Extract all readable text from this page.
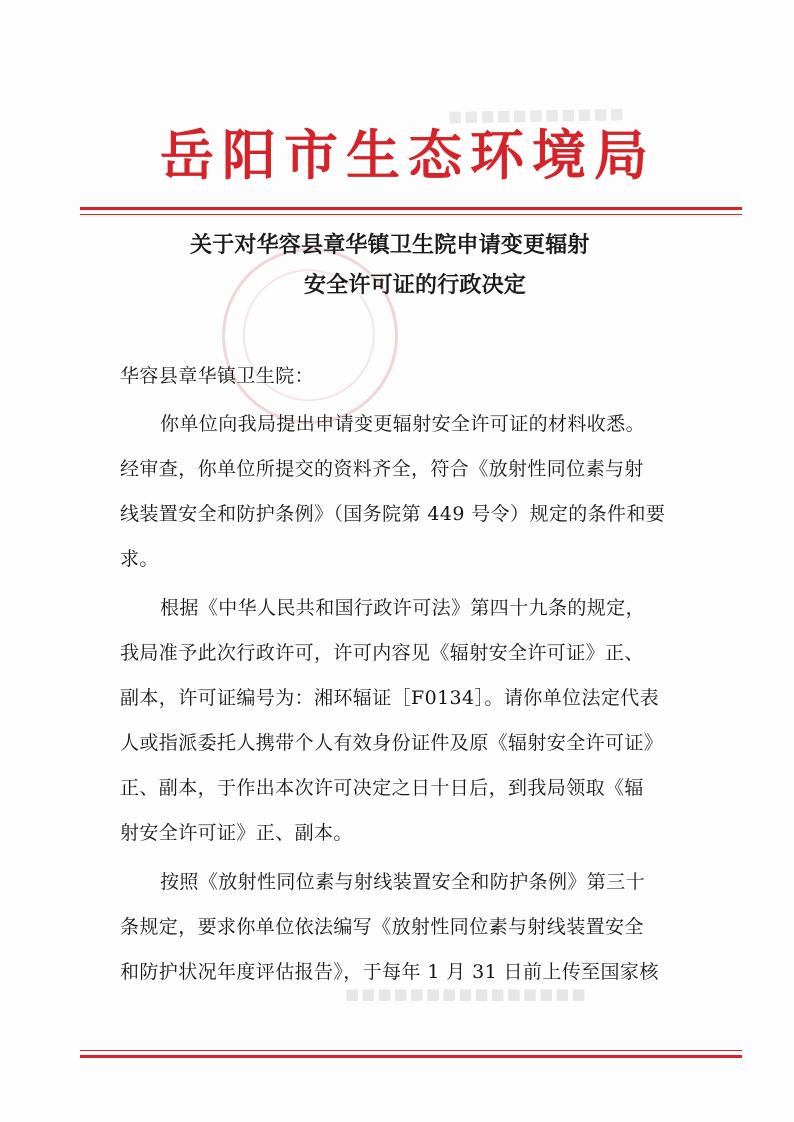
■■■■■■■■■■■
■■■■■■■■■■■■■■■
岳阳市生态环境局
关于对华容县章华镇卫生院申请变更辐射
安全许可证的行政决定
华容县章华镇卫生院：
你单位向我局提出申请变更辐射安全许可证的材料收悉。
经审查，你单位所提交的资料齐全，符合《放射性同位素与射
线装置安全和防护条例》（国务院第 449 号令）规定的条件和要
求。
根据《中华人民共和国行政许可法》第四十九条的规定，
我局准予此次行政许可，许可内容见《辐射安全许可证》正、
副本，许可证编号为：湘环辐证［F0134］。请你单位法定代表
人或指派委托人携带个人有效身份证件及原《辐射安全许可证》
正、副本，于作出本次许可决定之日十日后，到我局领取《辐
射安全许可证》正、副本。
按照《放射性同位素与射线装置安全和防护条例》第三十
条规定，要求你单位依法编写《放射性同位素与射线装置安全
和防护状况年度评估报告》，于每年 1 月 31 日前上传至国家核
